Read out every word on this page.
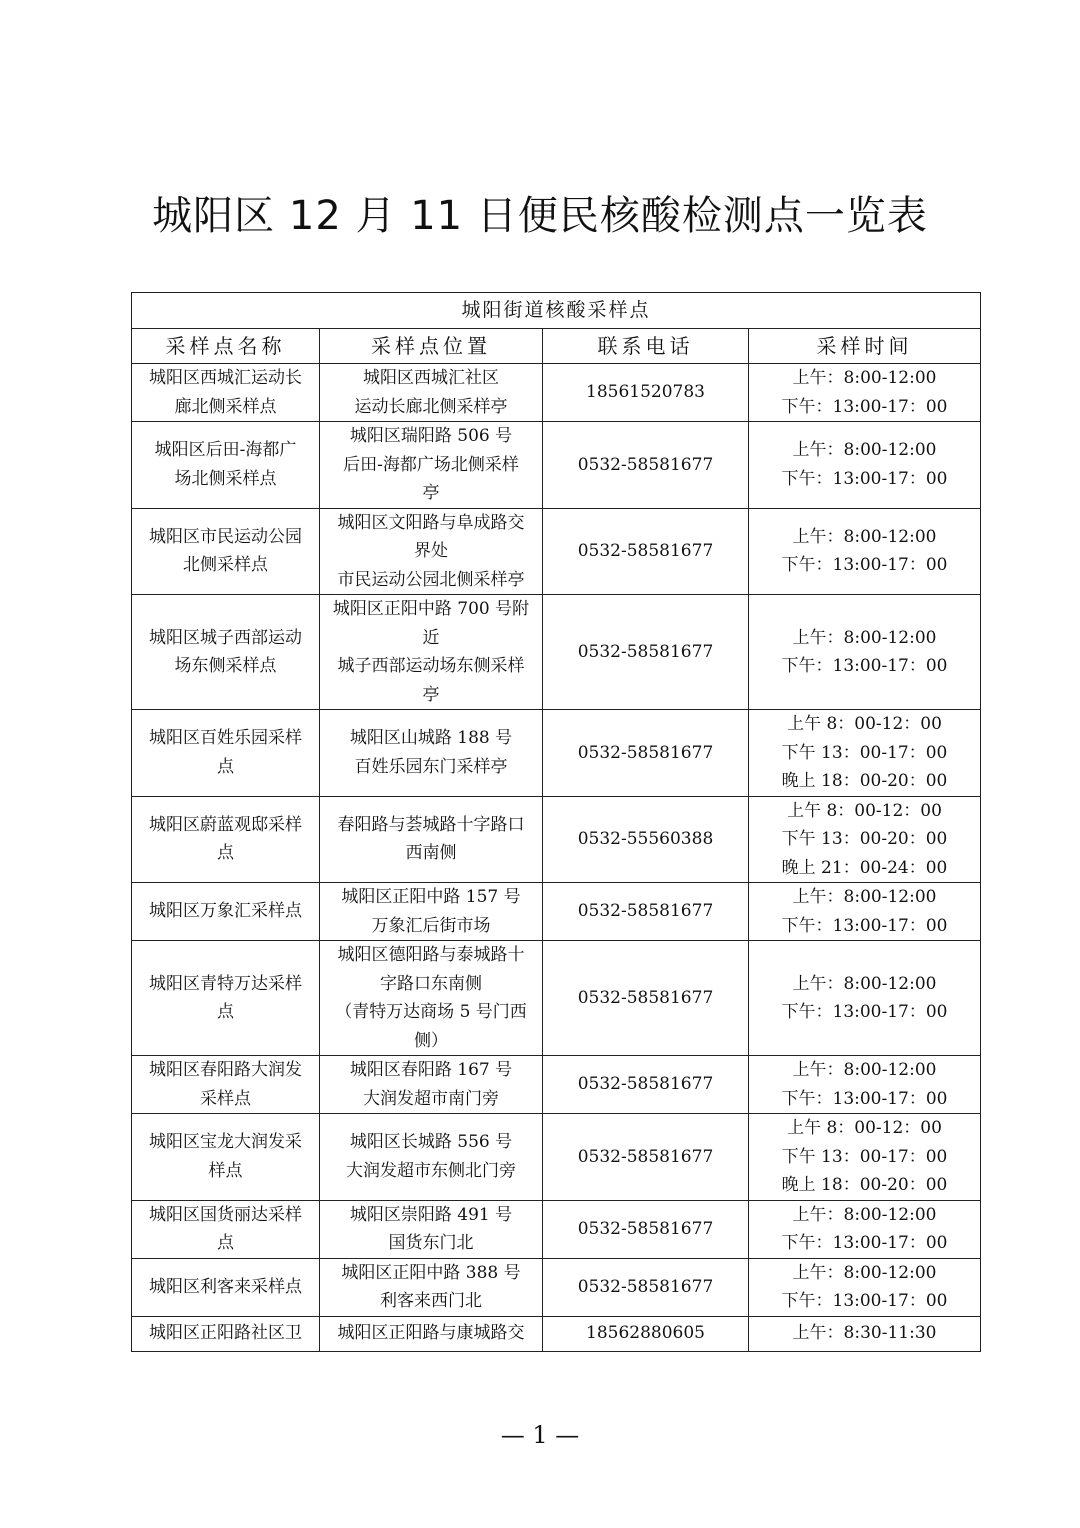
城阳区 12 月 11 日便民核酸检测点一览表
城阳街道核酸采样点			
采样点名称	采样点位置	联系电话	采样时间

城阳区西城汇运动长
廊北侧采样点	城阳区西城汇社区
运动长廊北侧采样亭	18561520783	上午：8:00-12:00
下午：13:00-17：00

城阳区后田-海都广
场北侧采样点	城阳区瑞阳路 506 号
后田-海都广场北侧采样
亭	0532-58581677	上午：8:00-12:00
下午：13:00-17：00

城阳区市民运动公园
北侧采样点	城阳区文阳路与阜成路交
界处
市民运动公园北侧采样亭	0532-58581677	上午：8:00-12:00
下午：13:00-17：00

城阳区城子西部运动
场东侧采样点	城阳区正阳中路 700 号附
近
城子西部运动场东侧采样
亭	0532-58581677	上午：8:00-12:00
下午：13:00-17：00

城阳区百姓乐园采样
点	城阳区山城路 188 号
百姓乐园东门采样亭	0532-58581677	上午 8：00-12：00
下午 13：00-17：00
晚上 18：00-20：00

城阳区蔚蓝观邸采样
点	春阳路与荟城路十字路口
西南侧	0532-55560388	上午 8：00-12：00
下午 13：00-20：00
晚上 21：00-24：00

城阳区万象汇采样点	城阳区正阳中路 157 号
万象汇后街市场	0532-58581677	上午：8:00-12:00
下午：13:00-17：00

城阳区青特万达采样
点	城阳区德阳路与泰城路十
字路口东南侧
（青特万达商场 5 号门西
侧）	0532-58581677	上午：8:00-12:00
下午：13:00-17：00

城阳区春阳路大润发
采样点	城阳区春阳路 167 号
大润发超市南门旁	0532-58581677	上午：8:00-12:00
下午：13:00-17：00

城阳区宝龙大润发采
样点	城阳区长城路 556 号
大润发超市东侧北门旁	0532-58581677	上午 8：00-12：00
下午 13：00-17：00
晚上 18：00-20：00

城阳区国货丽达采样
点	城阳区崇阳路 491 号
国货东门北	0532-58581677	上午：8:00-12:00
下午：13:00-17：00

城阳区利客来采样点	城阳区正阳中路 388 号
利客来西门北	0532-58581677	上午：8:00-12:00
下午：13:00-17：00

城阳区正阳路社区卫	城阳区正阳路与康城路交	18562880605	上午：8:30-11:30
— 1 —
